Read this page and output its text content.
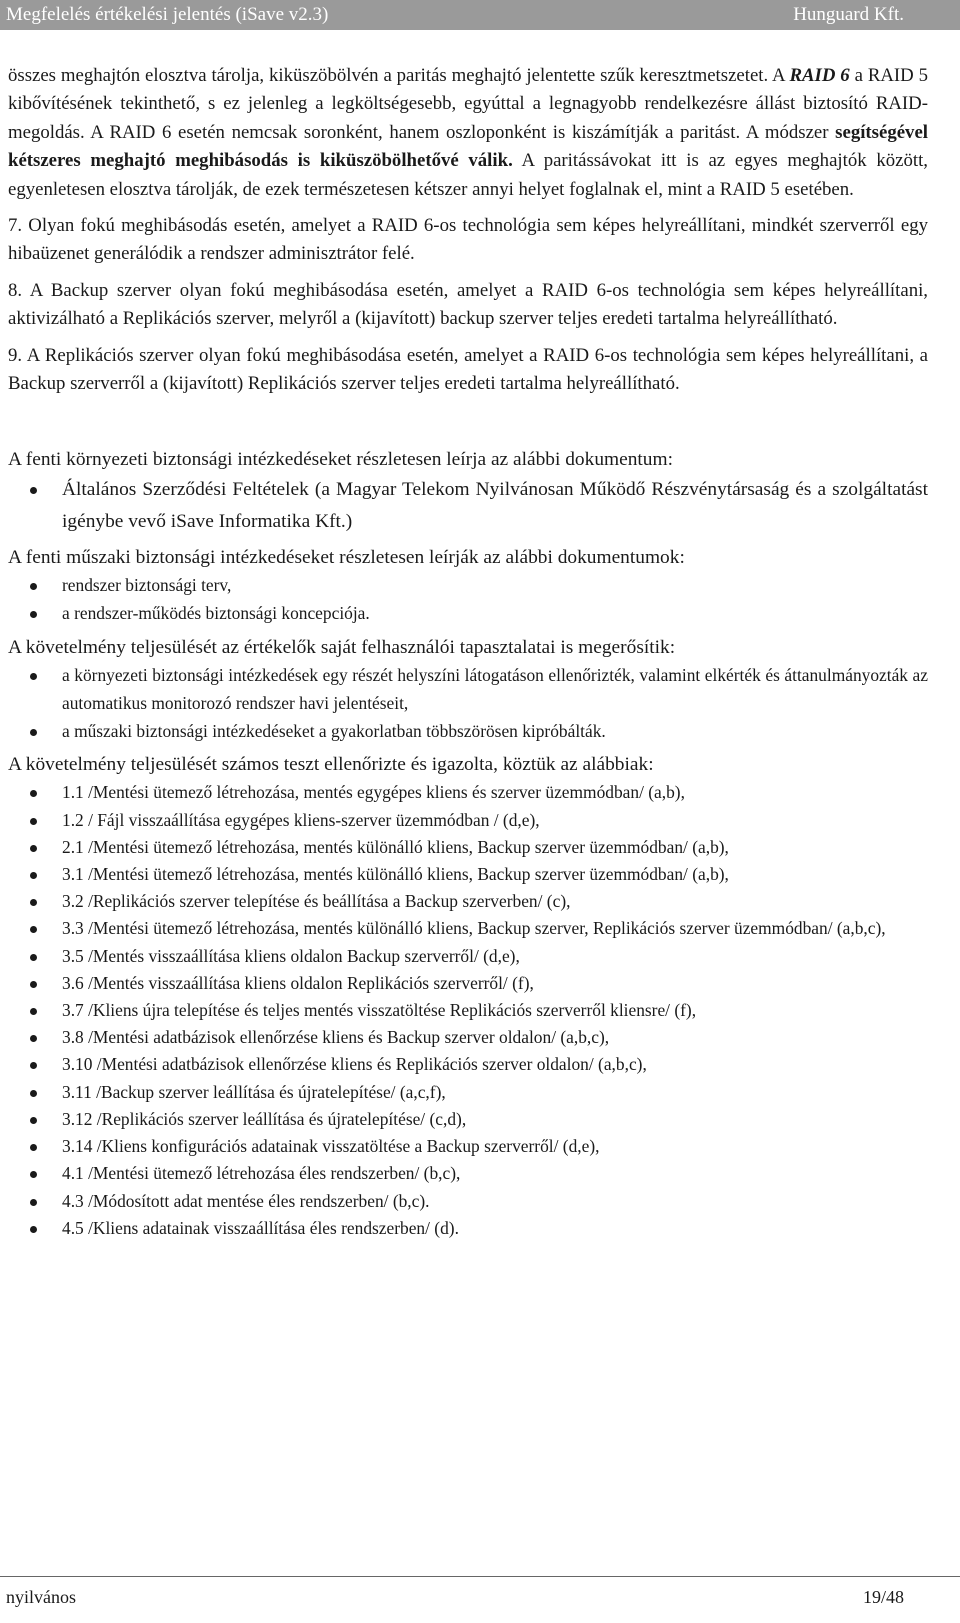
Megfelelés értékelési jelentés (iSave v2.3)	Hunguard Kft.

összes meghajtón elosztva tárolja, kiküszöbölvén a paritás meghajtó jelentette szűk keresztmetszetet. A RAID 6 a RAID 5 kibővítésének tekinthető, s ez jelenleg a legköltségesebb, egyúttal a legnagyobb rendelkezésre állást biztosító RAID-megoldás. A RAID 6 esetén nemcsak soronként, hanem oszloponként is kiszámítják a paritást. A módszer segítségével kétszeres meghajtó meghibásodás is kiküszöbölhetővé válik. A paritássávokat itt is az egyes meghajtók között, egyenletesen elosztva tárolják, de ezek természetesen kétszer annyi helyet foglalnak el, mint a RAID 5 esetében.

7. Olyan fokú meghibásodás esetén, amelyet a RAID 6-os technológia sem képes helyreállítani, mindkét szerverről egy hibaüzenet generálódik a rendszer adminisztrátor felé.

8. A Backup szerver olyan fokú meghibásodása esetén, amelyet a RAID 6-os technológia sem képes helyreállítani, aktivizálható a Replikációs szerver, melyről a (kijavított) backup szerver teljes eredeti tartalma helyreállítható.

9. A Replikációs szerver olyan fokú meghibásodása esetén, amelyet a RAID 6-os technológia sem képes helyreállítani, a Backup szerverről a (kijavított) Replikációs szerver teljes eredeti tartalma helyreállítható.

A fenti környezeti biztonsági intézkedéseket részletesen leírja az alábbi dokumentum:

Általános Szerződési Feltételek (a Magyar Telekom Nyilvánosan Működő Részvénytársaság és a szolgáltatást igénybe vevő iSave Informatika Kft.)

A fenti műszaki biztonsági intézkedéseket részletesen leírják az alábbi dokumentumok:

rendszer biztonsági terv,
a rendszer-működés biztonsági koncepciója.

A követelmény teljesülését az értékelők saját felhasználói tapasztalatai is megerősítik:

a környezeti biztonsági intézkedések egy részét helyszíni látogatáson ellenőrizték, valamint elkérték és áttanulmányozták az automatikus monitorozó rendszer havi jelentéseit,
a műszaki biztonsági intézkedéseket a gyakorlatban többszörösen kipróbálták.

A követelmény teljesülését számos teszt ellenőrizte és igazolta, köztük az alábbiak:

1.1 /Mentési ütemező létrehozása, mentés egygépes kliens és szerver üzemmódban/ (a,b),
1.2 / Fájl visszaállítása egygépes kliens-szerver üzemmódban / (d,e),
2.1 /Mentési ütemező létrehozása, mentés különálló kliens, Backup szerver üzemmódban/ (a,b),
3.1 /Mentési ütemező létrehozása, mentés különálló kliens, Backup szerver üzemmódban/ (a,b),
3.2 /Replikációs szerver telepítése és beállítása a Backup szerverben/ (c),
3.3 /Mentési ütemező létrehozása, mentés különálló kliens, Backup szerver, Replikációs szerver üzemmódban/ (a,b,c),
3.5 /Mentés visszaállítása kliens oldalon Backup szerverről/ (d,e),
3.6 /Mentés visszaállítása kliens oldalon Replikációs szerverről/ (f),
3.7 /Kliens újra telepítése és teljes mentés visszatöltése Replikációs szerverről kliensre/ (f),
3.8 /Mentési adatbázisok ellenőrzése kliens és Backup szerver oldalon/ (a,b,c),
3.10 /Mentési adatbázisok ellenőrzése kliens és Replikációs szerver oldalon/ (a,b,c),
3.11 /Backup szerver leállítása és újratelepítése/ (a,c,f),
3.12 /Replikációs szerver leállítása és újratelepítése/ (c,d),
3.14 /Kliens konfigurációs adatainak visszatöltése a Backup szerverről/ (d,e),
4.1 /Mentési ütemező létrehozása éles rendszerben/ (b,c),
4.3 /Módosított adat mentése éles rendszerben/ (b,c).
4.5 /Kliens adatainak visszaállítása éles rendszerben/ (d).
nyilvános	19/48
